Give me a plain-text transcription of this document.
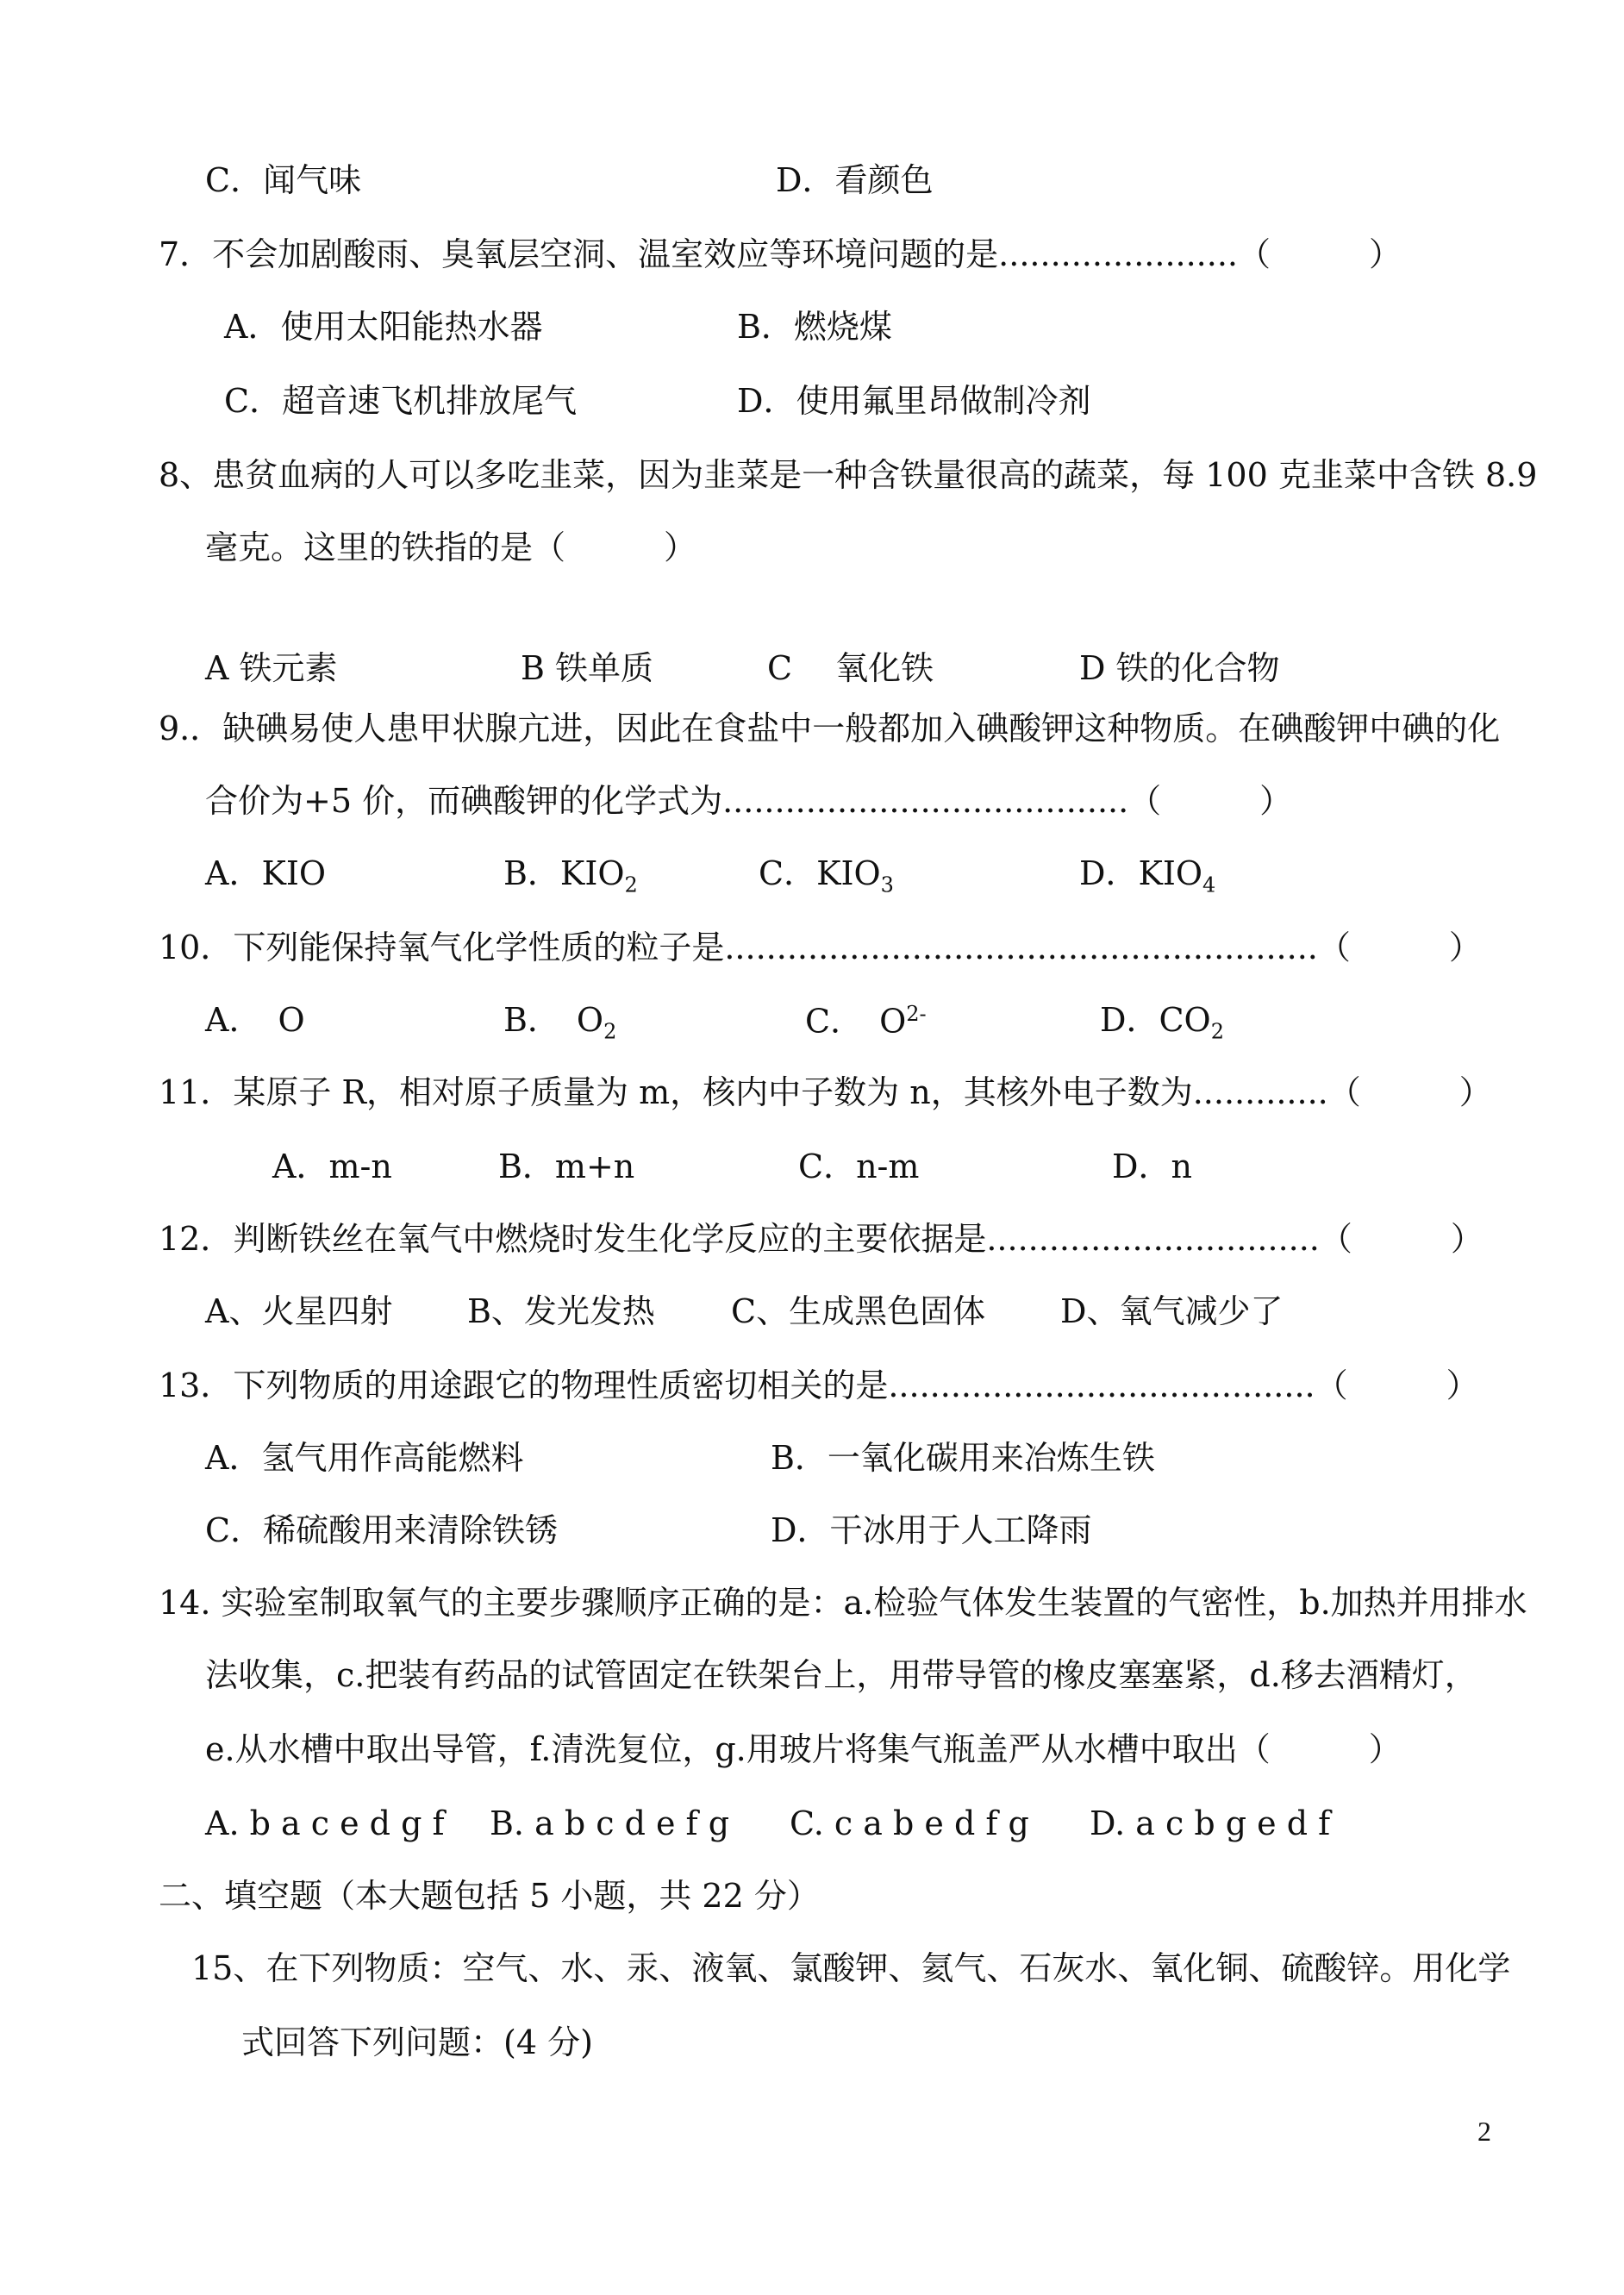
C．闻气味	D．看颜色
7．不会加剧酸雨、臭氧层空洞、温室效应等环境问题的是.......................（　　　）
A．使用太阳能热水器	B．燃烧煤
C．超音速飞机排放尾气	D．使用氟里昂做制冷剂
8、患贫血病的人可以多吃韭菜，因为韭菜是一种含铁量很高的蔬菜，每 100 克韭菜中含铁 8.9
毫克。这里的铁指的是（　　　）
A 铁元素	B 铁单质	C　 氧化铁	D 铁的化合物
9.．缺碘易使人患甲状腺亢进，因此在食盐中一般都加入碘酸钾这种物质。在碘酸钾中碘的化
合价为+5 价，而碘酸钾的化学式为.......................................（　　　）
A．KIO	B．$KIO_2$	C．$KIO_3$	D．$KIO_4$
10．下列能保持氧气化学性质的粒子是.........................................................（　　　）
A．　O	B．　$O_2$	C．　$O^{2-}$	D．$CO_2$
11．某原子 R，相对原子质量为 m，核内中子数为 n，其核外电子数为.............（　　　）
A．m-n	B．m+n	C．n-m	D．n
12．判断铁丝在氧气中燃烧时发生化学反应的主要依据是................................（　　　）
A、火星四射 B、发光发热 C、生成黑色固体 D、氧气减少了
13．下列物质的用途跟它的物理性质密切相关的是.........................................（　　　）
A．氢气用作高能燃料	B．一氧化碳用来冶炼生铁
C．稀硫酸用来清除铁锈	D．干冰用于人工降雨
14. 实验室制取氧气的主要步骤顺序正确的是：a.检验气体发生装置的气密性，b.加热并用排水
法收集，c.把装有药品的试管固定在铁架台上，用带导管的橡皮塞塞紧，d.移去酒精灯，
e.从水槽中取出导管，f.清洗复位，g.用玻片将集气瓶盖严从水槽中取出（　　　）
A. b a c e d g f B. a b c d e f g C. c a b e d f g D. a c b g e d f
二、填空题（本大题包括 5 小题，共 22 分）
15、在下列物质：空气、水、汞、液氧、氯酸钾、氦气、石灰水、氧化铜、硫酸锌。用化学
式回答下列问题：(4 分)
2
